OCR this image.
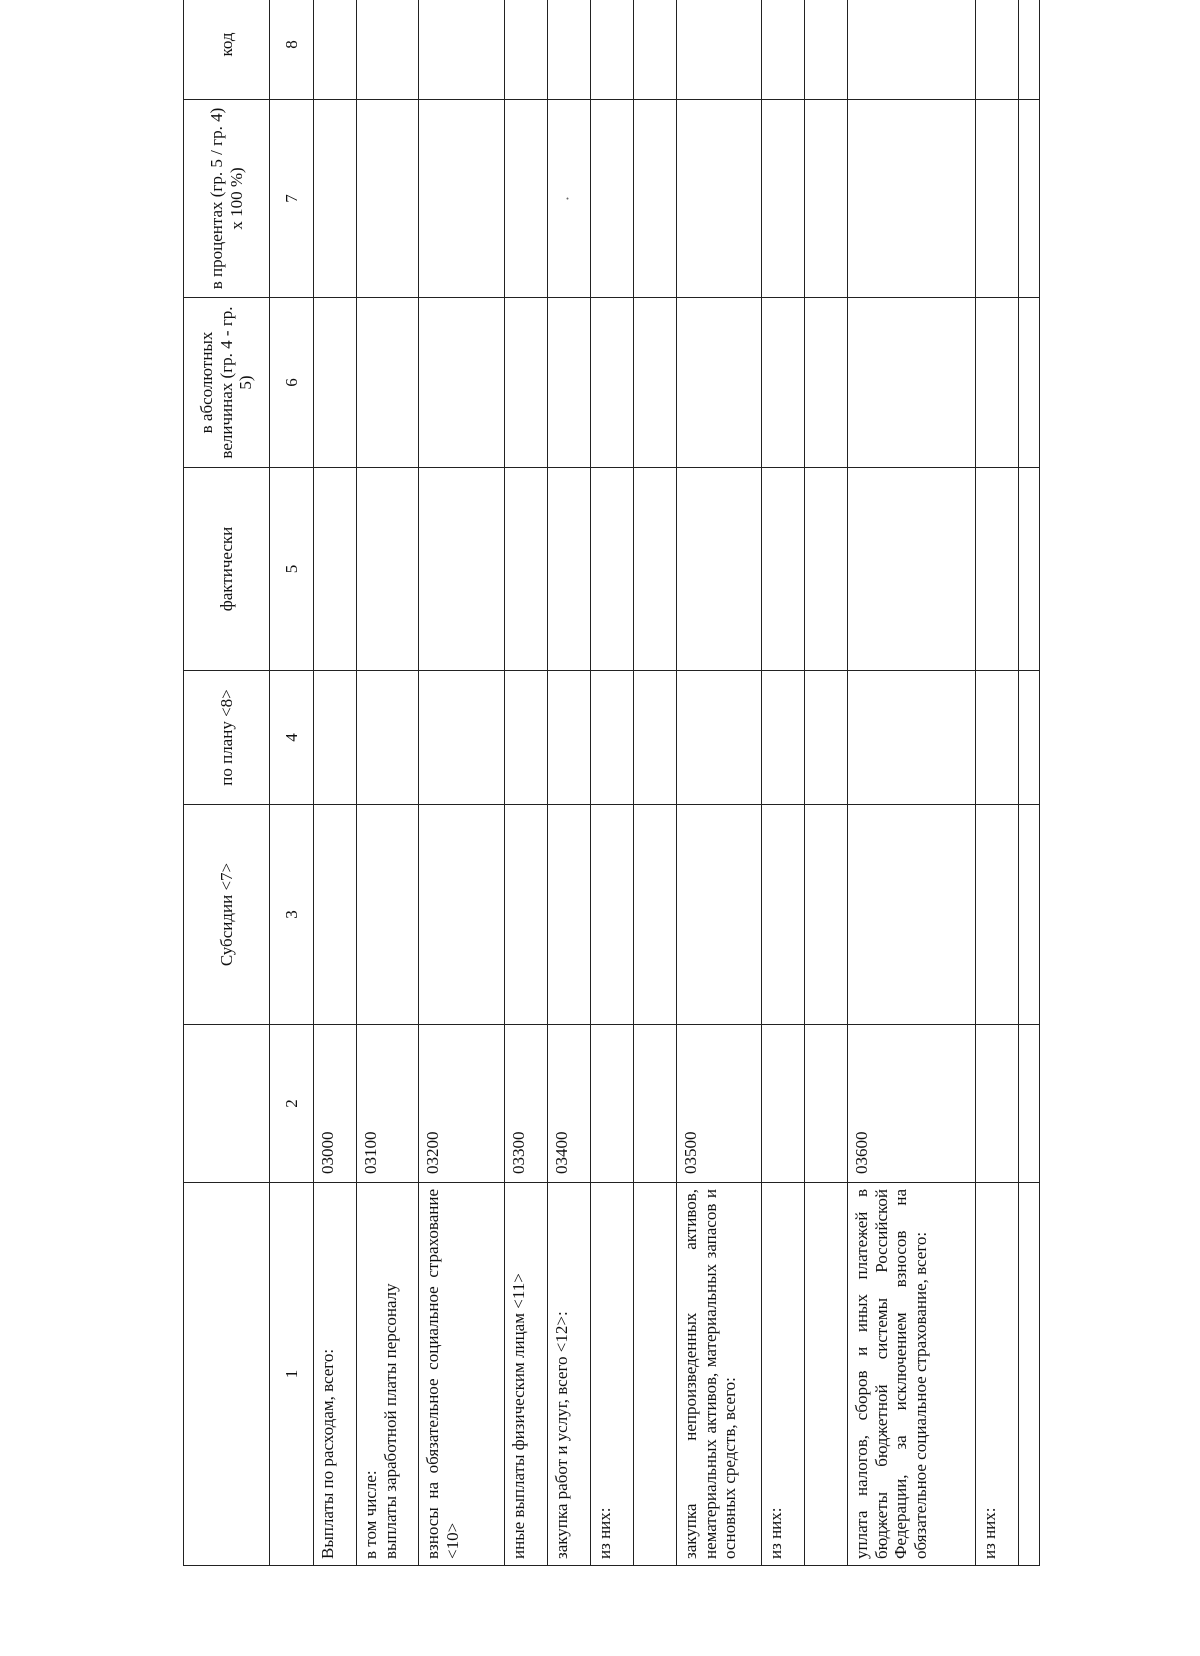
		Субсидии <7>	по плану <8>	фактически	в абсолютных величинах (гр. 4 - гр. 5)	в процентах (гр. 5 / гр. 4) х 100 %)	код	
1	2	3	4	5	6	7	8	
Выплаты по расходам, всего:	03000							
в том числе:
выплаты заработной платы персоналу	03100							
взносы на обязательное социальное страхование <10>	03200							
иные выплаты физическим лицам <11>	03300							
закупка работ и услуг, всего <12>:	03400					·		

из них:								

закупка непроизведенных активов, нематериальных активов, материальных запасов и основных средств, всего:	03500							
из них:								

уплата налогов, сборов и иных платежей в бюджеты бюджетной системы Российской Федерации, за исключением взносов на обязательное социальное страхование, всего:	03600							
из них:								
